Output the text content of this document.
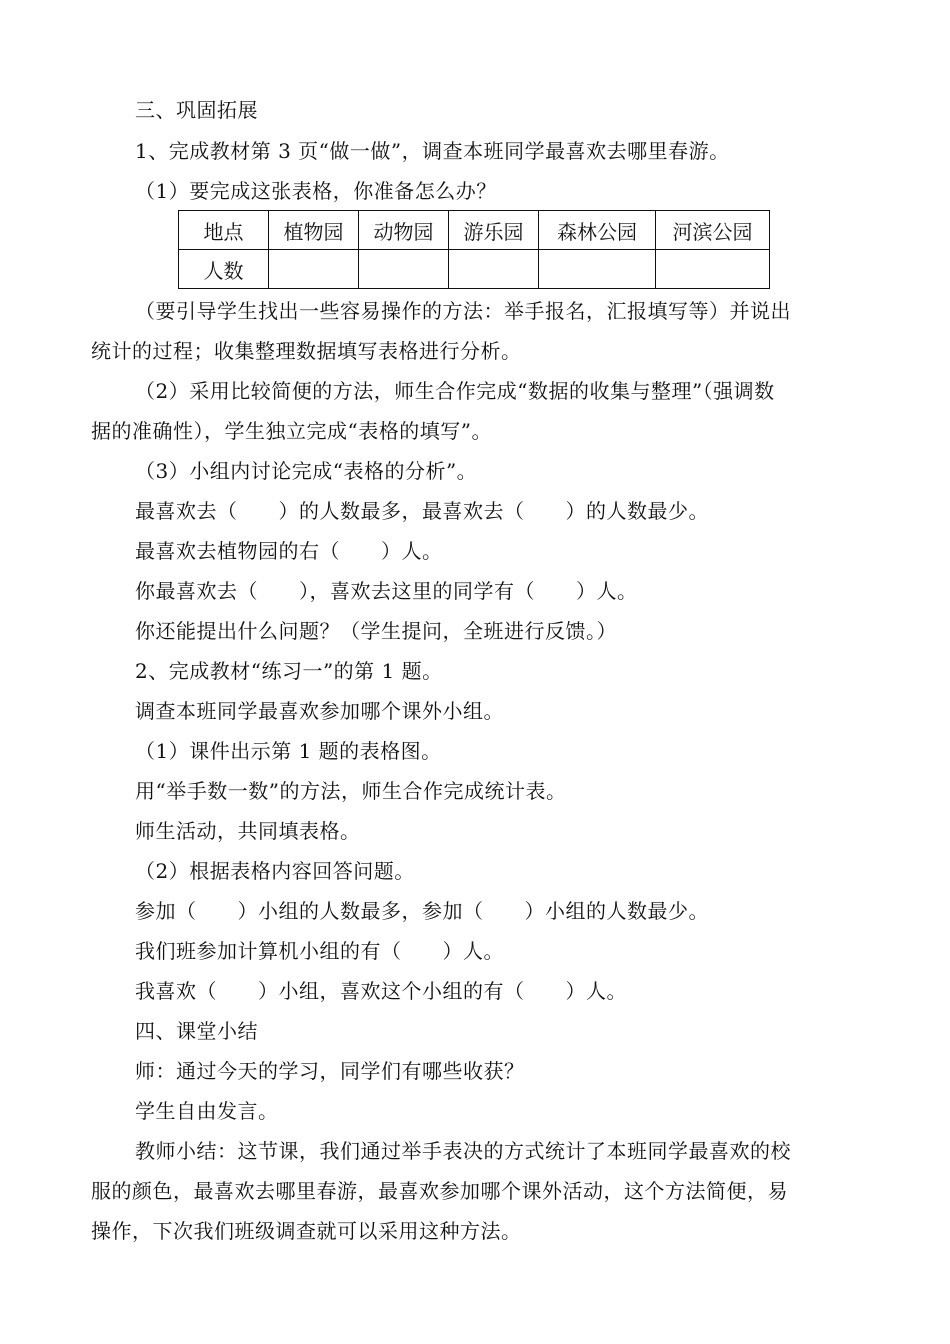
三、巩固拓展
1、完成教材第 3 页“做一做”，调查本班同学最喜欢去哪里春游。
（1）要完成这张表格，你准备怎么办？
地点	植物园	动物园	游乐园	森林公园	河滨公园
人数					
（要引导学生找出一些容易操作的方法：举手报名，汇报填写等）并说出
统计的过程；收集整理数据填写表格进行分析。
（2）采用比较简便的方法，师生合作完成“数据的收集与整理”（强调数
据的准确性），学生独立完成“表格的填写”。
（3）小组内讨论完成“表格的分析”。
最喜欢去（　　）的人数最多，最喜欢去（　　）的人数最少。
最喜欢去植物园的右（　　）人。
你最喜欢去（　　），喜欢去这里的同学有（　　）人。
你还能提出什么问题？（学生提问，全班进行反馈。）
2、完成教材“练习一”的第 1 题。
调查本班同学最喜欢参加哪个课外小组。
（1）课件出示第 1 题的表格图。
用“举手数一数”的方法，师生合作完成统计表。
师生活动，共同填表格。
（2）根据表格内容回答问题。
参加（　　）小组的人数最多，参加（　　）小组的人数最少。
我们班参加计算机小组的有（　　）人。
我喜欢（　　）小组，喜欢这个小组的有（　　）人。
四、课堂小结
师：通过今天的学习，同学们有哪些收获？
学生自由发言。
教师小结：这节课，我们通过举手表决的方式统计了本班同学最喜欢的校
服的颜色，最喜欢去哪里春游，最喜欢参加哪个课外活动，这个方法简便，易
操作，下次我们班级调查就可以采用这种方法。
